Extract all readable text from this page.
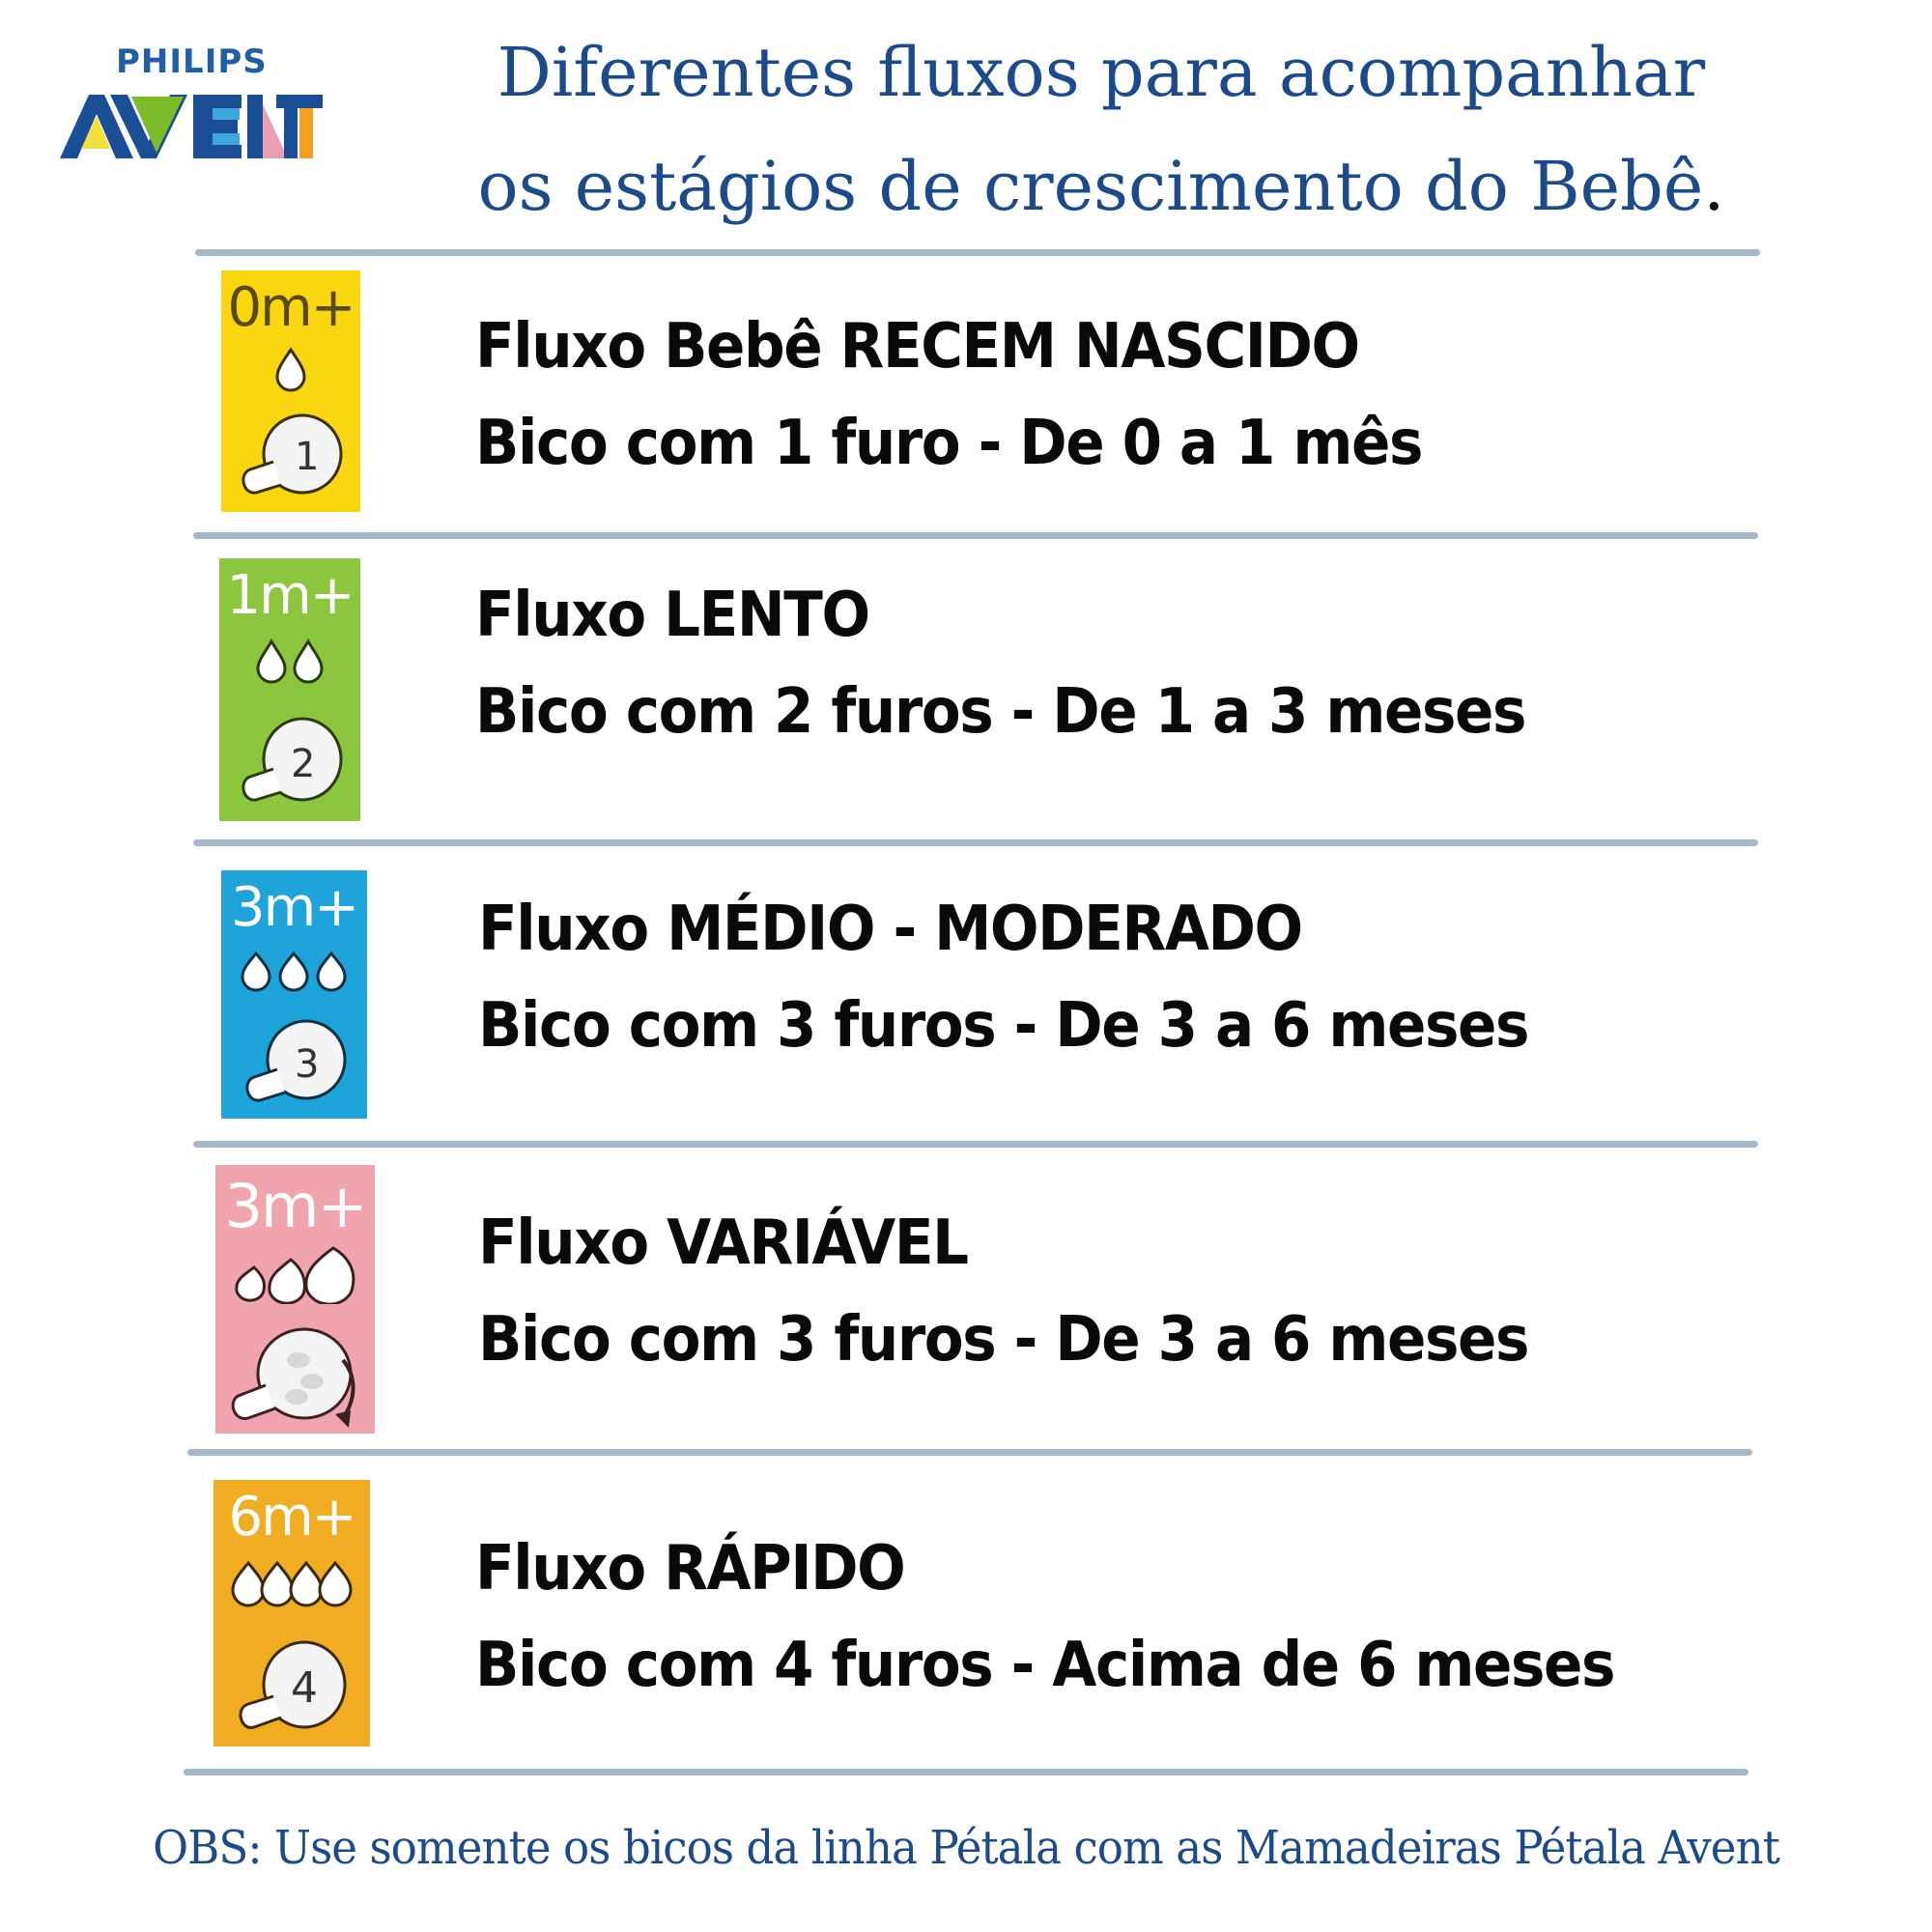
PHILIPS	Diferentes fluxos para acompanhar
os estágios de crescimento do Bebê.
0m+
1
Fluxo Bebê RECEM NASCIDO
Bico com 1 furo - De 0 a 1 mês
1m+
2
Fluxo LENTO
Bico com 2 furos - De 1 a 3 meses
3m+
3
Fluxo MÉDIO - MODERADO
Bico com 3 furos - De 3 a 6 meses
3m+
Fluxo VARIÁVEL
Bico com 3 furos - De 3 a 6 meses
6m+
4
Fluxo RÁPIDO
Bico com 4 furos - Acima de 6 meses
OBS: Use somente os bicos da linha Pétala com as Mamadeiras Pétala Avent
